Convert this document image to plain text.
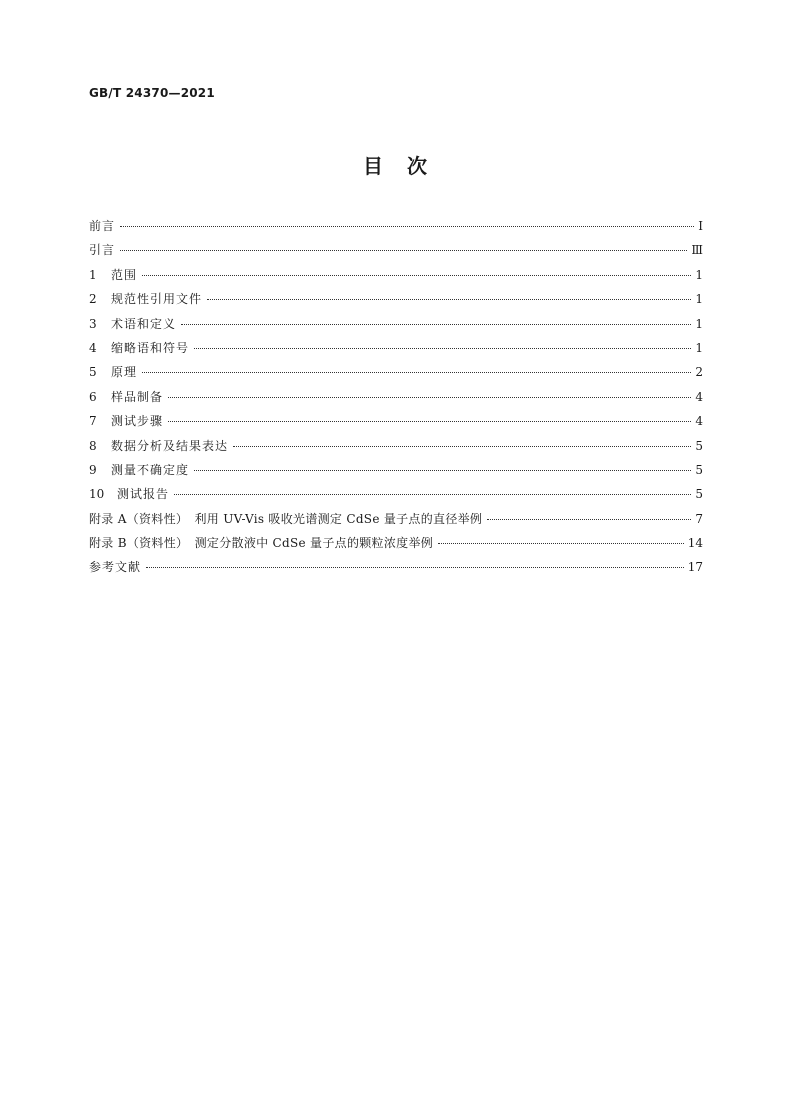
GB/T 24370—2021
目　次
前言	Ⅰ
引言	Ⅲ
1	范围	1
2	规范性引用文件	1
3	术语和定义	1
4	缩略语和符号	1
5	原理	2
6	样品制备	4
7	测试步骤	4
8	数据分析及结果表达	5
9	测量不确定度	5
10	测试报告	5
附录 A（资料性）　利用 UV-Vis 吸收光谱测定 CdSe 量子点的直径举例	7
附录 B（资料性）　测定分散液中 CdSe 量子点的颗粒浓度举例	14
参考文献	17
